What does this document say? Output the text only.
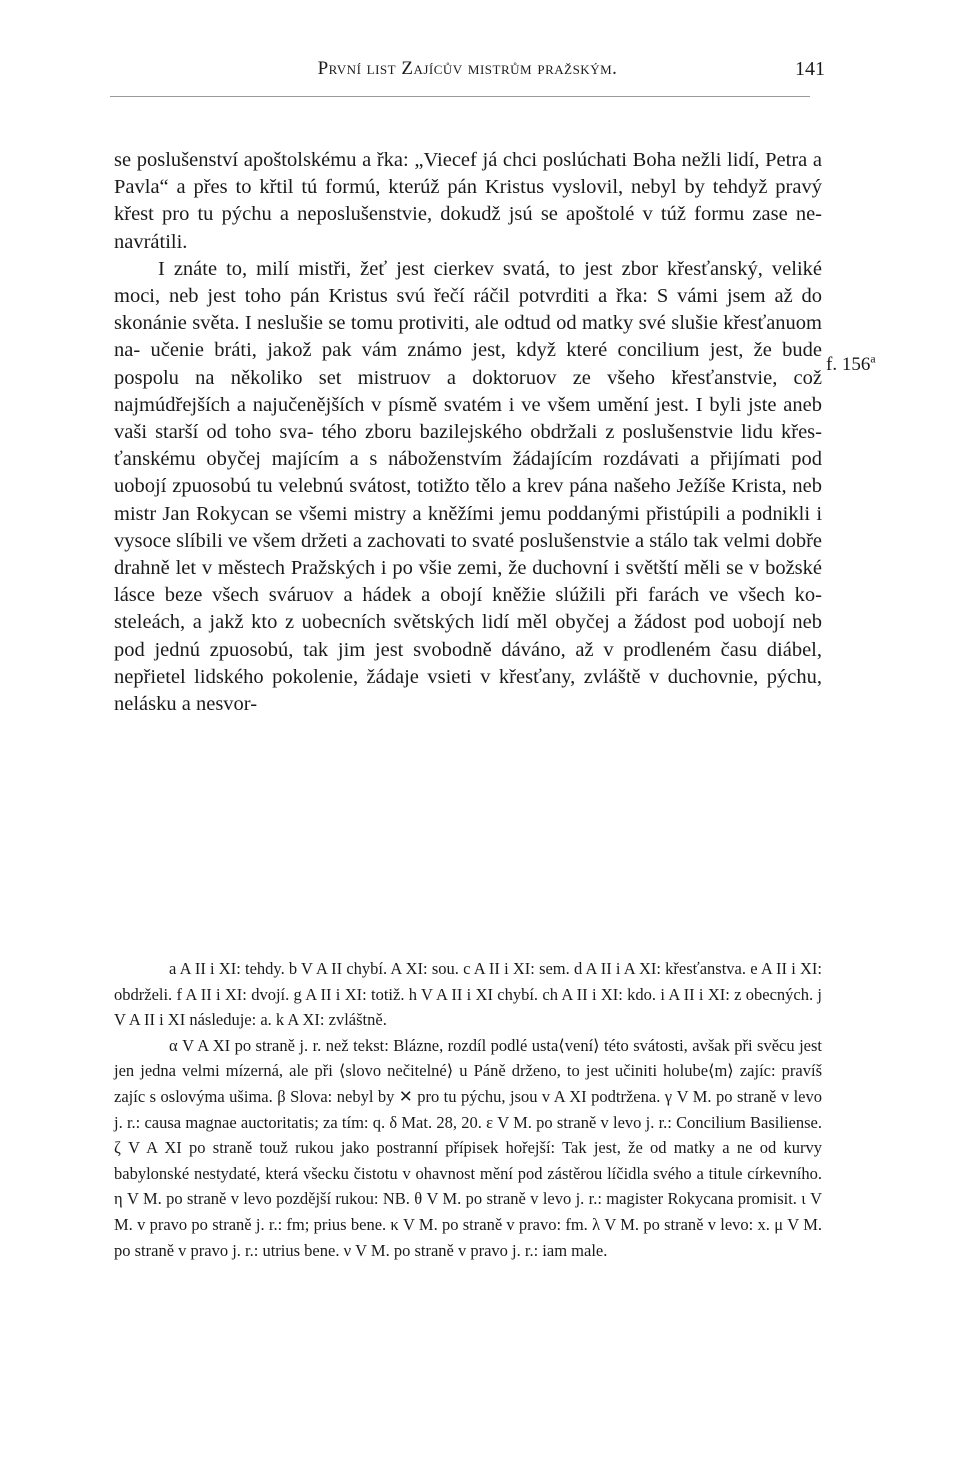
První list Zajícův mistrům pražským.	141
f. 156$^a$

se poslušenství apoštolskému a řka: „Viecef já chci poslúchati Boha nežli lidí, Petra a Pavla“ a přes to křtil tú formú, kterúž pán Kristus vyslovil, nebyl by tehdyž pravý křest pro tu pýchu a neposlušenstvie, dokudž jsú se apoštolé v túž formu zase ne- navrátili.

I znáte to, milí mistři, žeť jest cierkev svatá, to jest zbor křesťanský, veliké moci, neb jest toho pán Kristus svú řečí ráčil potvrditi a řka: S vámi jsem až do skonánie světa. I neslušie se tomu protiviti, ale odtud od matky své slušie křesťanuom na- učenie bráti, jakož pak vám známo jest, když které concilium jest, že bude pospolu na několiko set mistruov a doktoruov ze všeho křesťanstvie, což najmúdřejších a najučenějších v písmě svatém i ve všem umění jest. I byli jste aneb vaši starší od toho sva- tého zboru bazilejského obdržali z poslušenstvie lidu křes- ťanskému obyčej majícím a s náboženstvím žádajícím rozdávati a přijímati pod uobojí zpuosobú tu velebnú svátost, totižto tělo a krev pána našeho Ježíše Krista, neb mistr Jan Rokycan se všemi mistry a kněžími jemu poddanými přistúpili a podnikli i vysoce slíbili ve všem držeti a zachovati to svaté poslušenstvie a stálo tak velmi dobře drahně let v městech Pražských i po všie zemi, že duchovní i světští měli se v božské lásce beze všech sváruov a hádek a obojí kněžie slúžili při farách ve všech ko- steleách, a jakž kto z uobecních světských lidí měl obyčej a žádost pod uobojí neb pod jednú zpuosobú, tak jim jest svobodně dáváno, až v prodleném času diábel, nepřietel lidského pokolenie, žádaje vsieti v křesťany, zvláště v duchovnie, pýchu, nelásku a nesvor-

a A II i XI: tehdy. b V A II chybí. A XI: sou. c A II i XI: sem. d A II i A XI: křesťanstva. e A II i XI: obdrželi. f A II i XI: dvojí. g A II i XI: totiž. h V A II i XI chybí. ch A II i XI: kdo. i A II i XI: z obecných. j V A II i XI následuje: a. k A XI: zvláštně.

α V A XI po straně j. r. než tekst: Blázne, rozdíl podlé usta⟨vení⟩ této svátosti, avšak při svěcu jest jen jedna velmi mízerná, ale při ⟨slovo nečitelné⟩ u Páně drženo, to jest učiniti holube⟨m⟩ zajíc: pravíš zajíc s oslovýma ušima. β Slova: nebyl by ✕ pro tu pýchu, jsou v A XI podtržena. γ V M. po straně v levo j. r.: causa magnae auctoritatis; za tím: q. δ Mat. 28, 20. ε V M. po straně v levo j. r.: Concilium Basiliense. ζ V A XI po straně touž rukou jako postranní přípisek hořejší: Tak jest, že od matky a ne od kurvy babylonské nestydaté, která všecku čistotu v ohavnost mění pod zástěrou líčidla svého a titule církevního. η V M. po straně v levo pozdější rukou: NB. θ V M. po straně v levo j. r.: magister Rokycana promisit. ι V M. v pravo po straně j. r.: fm; prius bene. κ V M. po straně v pravo: fm. λ V M. po straně v levo: x. μ V M. po straně v pravo j. r.: utrius bene. ν V M. po straně v pravo j. r.: iam male.
